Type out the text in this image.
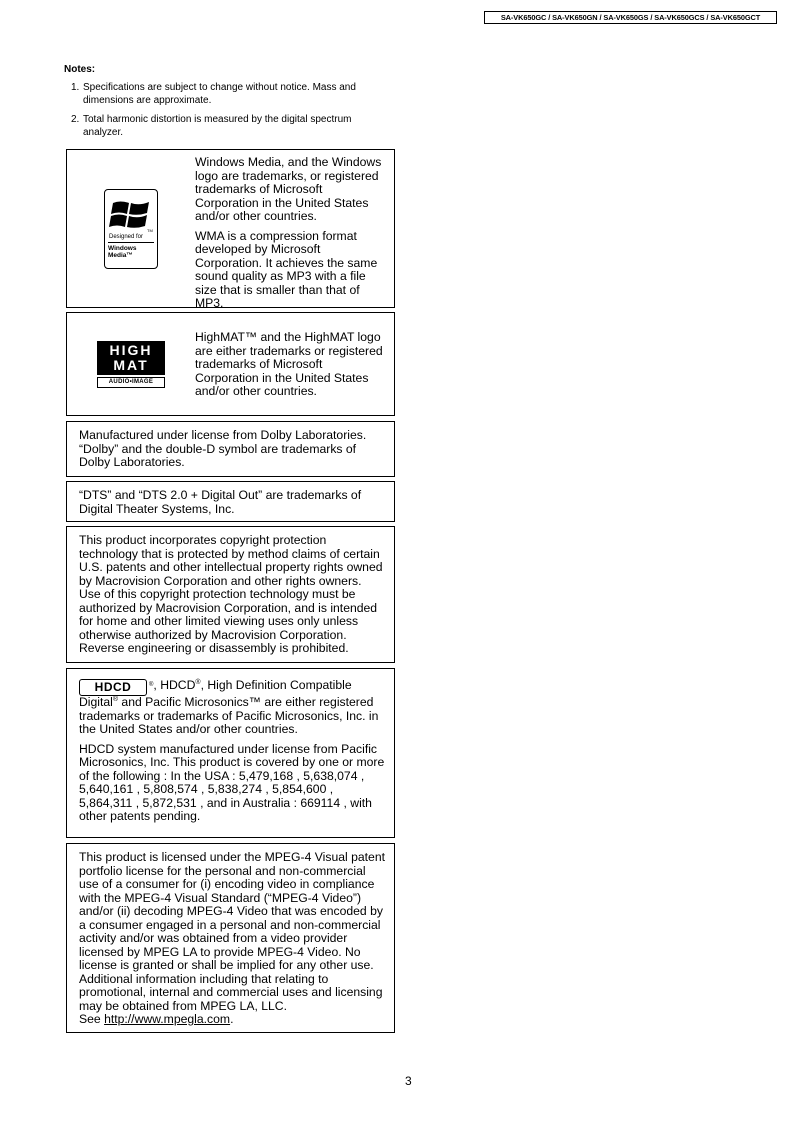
SA-VK650GC / SA-VK650GN / SA-VK650GS / SA-VK650GCS / SA-VK650GCT
Notes:
1. Specifications are subject to change without notice. Mass and dimensions are approximate.
2. Total harmonic distortion is measured by the digital spectrum analyzer.
TM
Designed for
Windows Media™

Windows Media, and the Windows logo are trademarks, or registered trademarks of Microsoft Corporation in the United States and/or other countries.

WMA is a compression format developed by Microsoft Corporation. It achieves the same sound quality as MP3 with a file size that is smaller than that of MP3.

HIGH
MAT
AUDIO•IMAGE

HighMAT™ and the HighMAT logo are either trademarks or registered trademarks of Microsoft Corporation in the United States and/or other countries.

Manufactured under license from Dolby Laboratories. “Dolby” and the double-D symbol are trademarks of Dolby Laboratories.

“DTS” and “DTS 2.0 + Digital Out” are trademarks of Digital Theater Systems, Inc.

This product incorporates copyright protection technology that is protected by method claims of certain U.S. patents and other intellectual property rights owned by Macrovision Corporation and other rights owners. Use of this copyright protection technology must be authorized by Macrovision Corporation, and is intended for home and other limited viewing uses only unless otherwise authorized by Macrovision Corporation. Reverse engineering or disassembly is prohibited.

HDCD	®, HDCD®, High Definition Compatible Digital® and Pacific Microsonics™ are either registered trademarks or trademarks of Pacific Microsonics, Inc. in the United States and/or other countries.

HDCD system manufactured under license from Pacific Microsonics, Inc. This product is covered by one or more of the following : In the USA : 5,479,168 , 5,638,074 , 5,640,161 , 5,808,574 , 5,838,274 , 5,854,600 , 5,864,311 , 5,872,531 , and in Australia : 669114 , with other patents pending.

This product is licensed under the MPEG-4 Visual patent portfolio license for the personal and non-commercial use of a consumer for (i) encoding video in compliance with the MPEG-4 Visual Standard (“MPEG-4 Video”) and/or (ii) decoding MPEG-4 Video that was encoded by a consumer engaged in a personal and non-commercial activity and/or was obtained from a video provider licensed by MPEG LA to provide MPEG-4 Video. No license is granted or shall be implied for any other use. Additional information including that relating to promotional, internal and commercial uses and licensing may be obtained from MPEG LA, LLC.

See http://www.mpegla.com.

3
